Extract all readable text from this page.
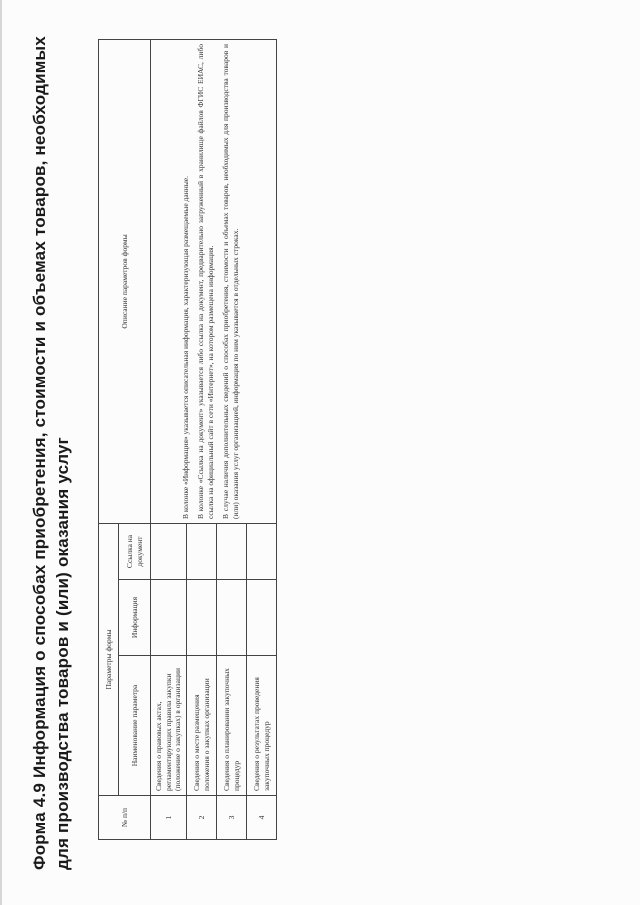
Форма 4.9 Информация о способах приобретения, стоимости и объемах товаров, необходимых для производства товаров и (или) оказания услуг	№ п/п	Параметры формы			Описание параметров формы
	Наименование параметра	Информация	Ссылка на документ	
1	Сведения о правовых актах, регламентирующих правила закупки (положение о закупках) в организации			В колонке «Информация» указывается описательная информация, характеризующая размещаемые данные. В колонке «Ссылка на документ» указывается либо ссылка на документ, предварительно загруженный в хранилище файлов ФГИС ЕИАС, либо ссылка на официальный сайт в сети «Интернет», на котором размещена информация. В случае наличия дополнительных сведений о способах приобретения, стоимости и объемах товаров, необходимых для производства товаров и (или) оказания услуг организацией, информация по ним указывается в отдельных строках.

2	Сведения о месте размещения положения о закупках организации			
3	Сведения о планировании закупочных процедур			
4	Сведения о результатах проведения закупочных процедур			
